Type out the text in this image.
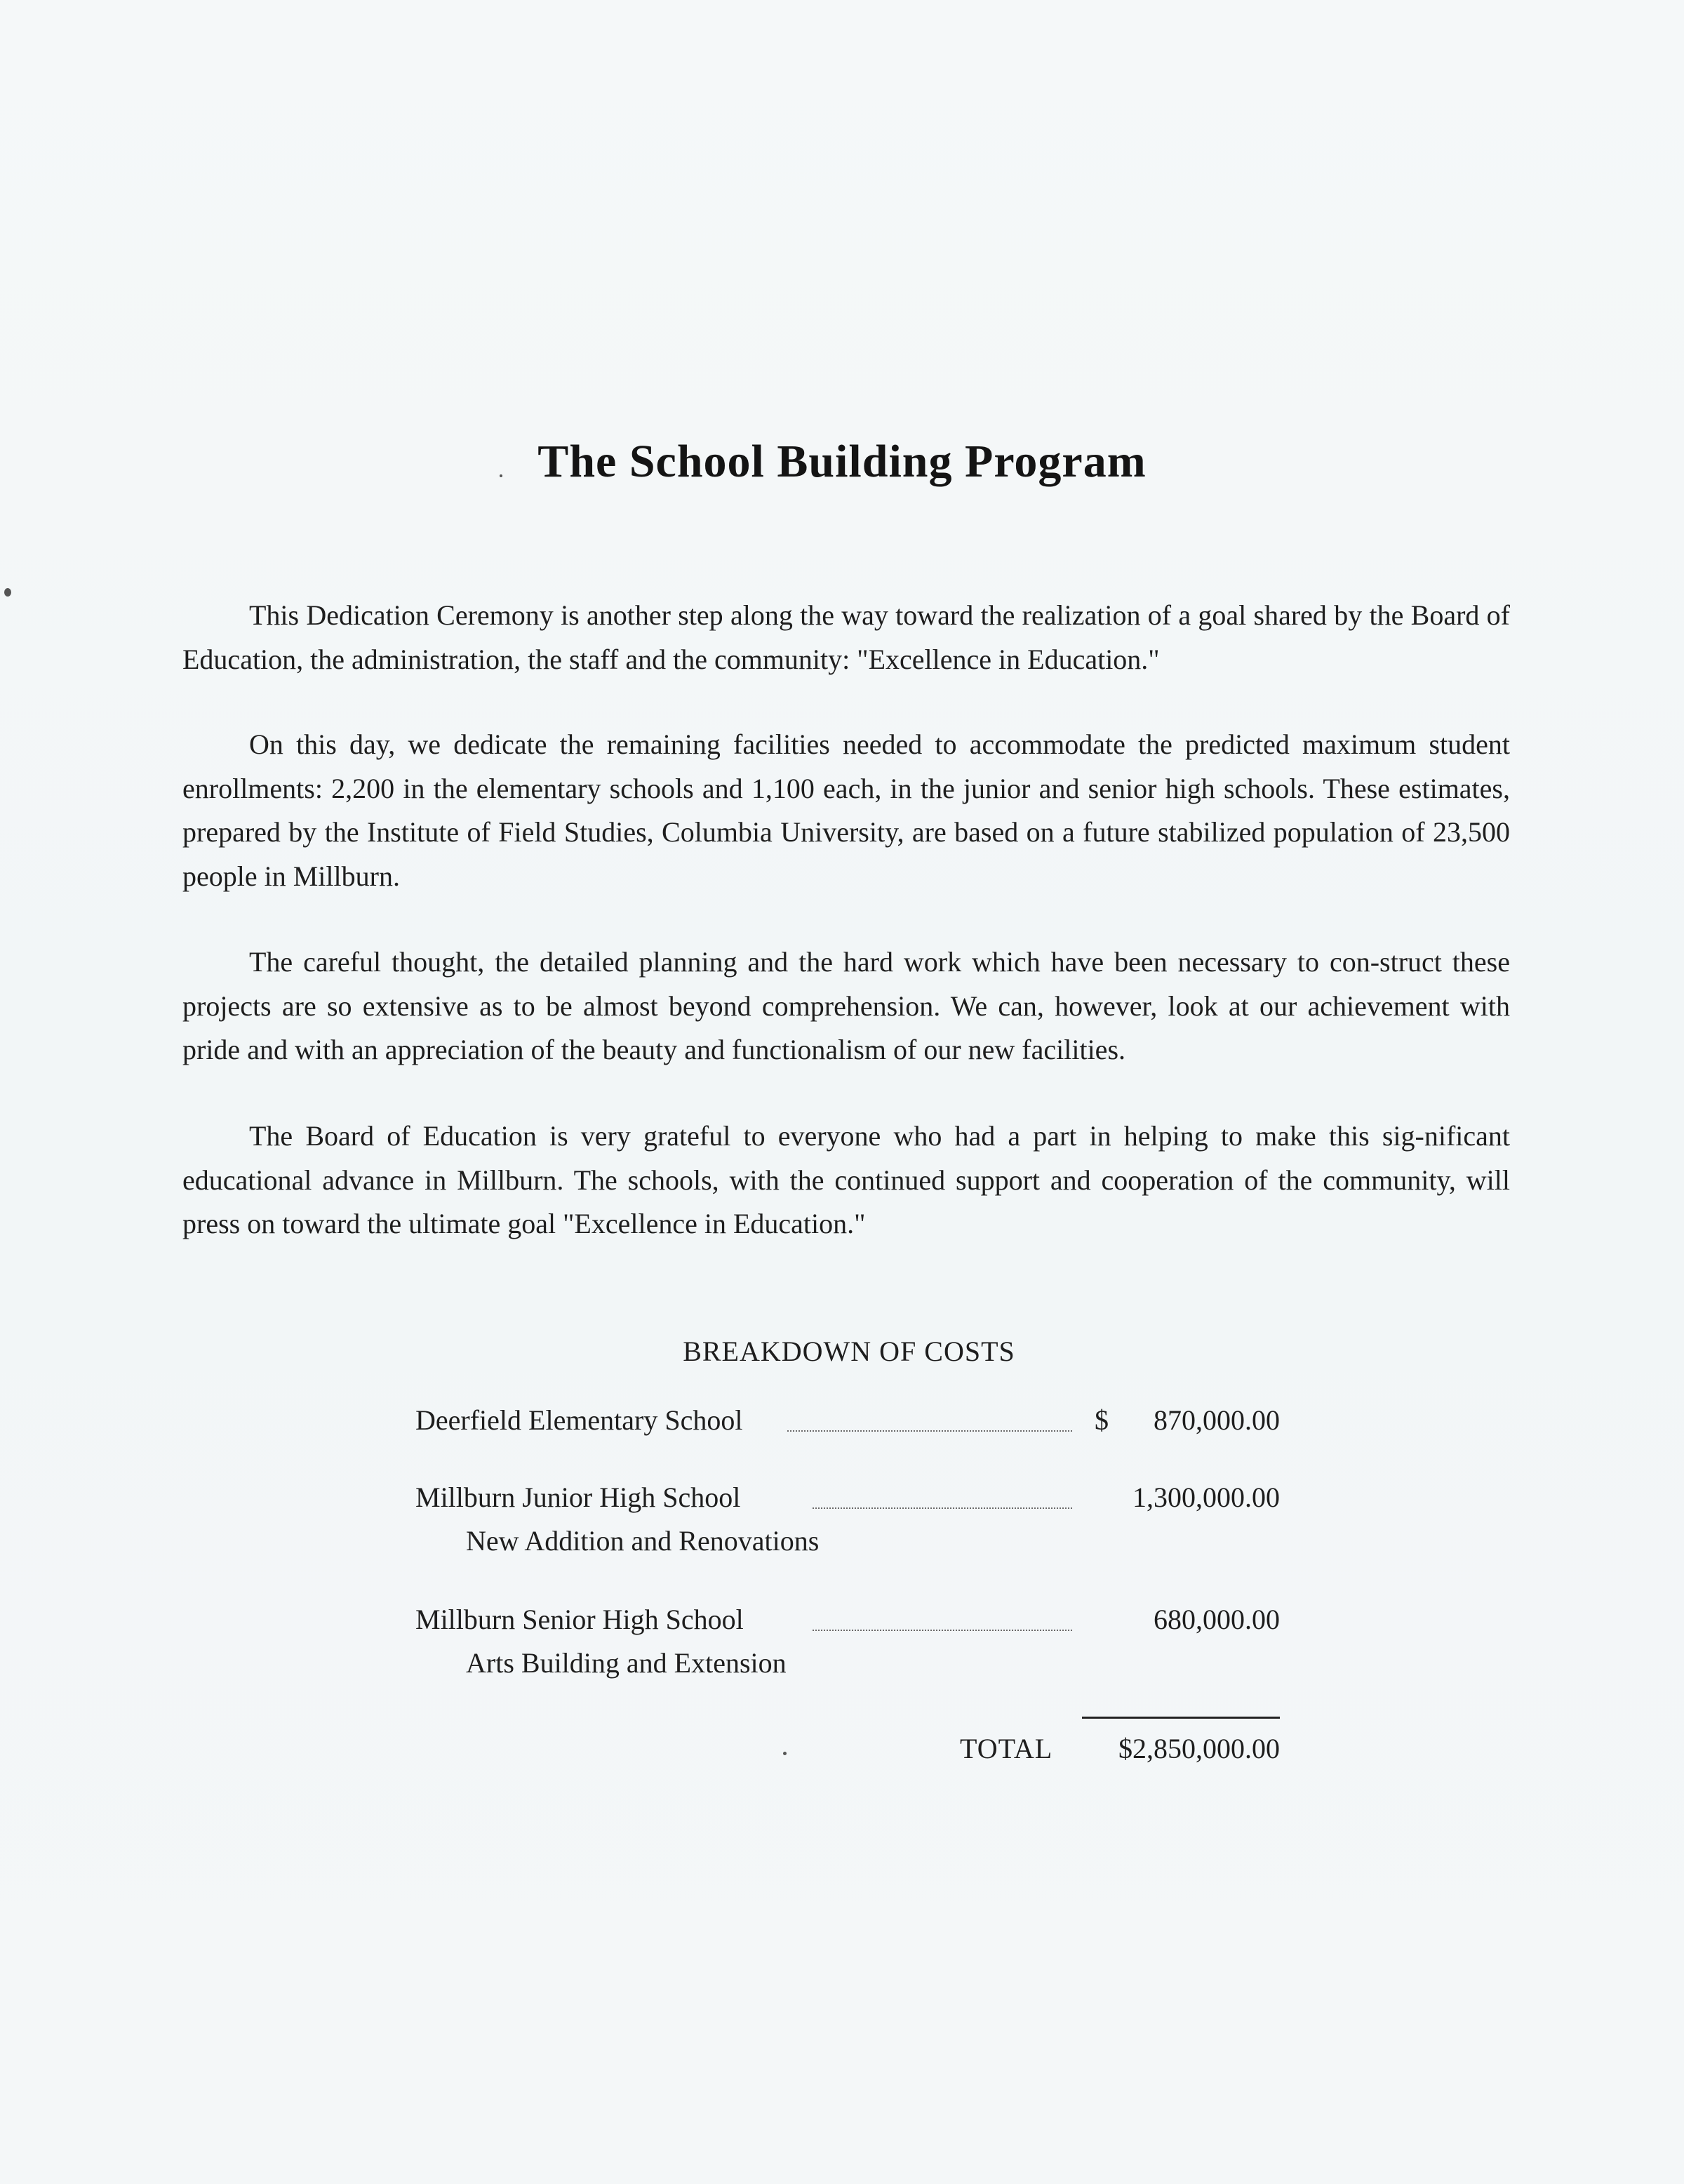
The School Building Program

This Dedication Ceremony is another step along the way toward the realization of a goal shared by the Board of Education, the administration, the staff and the community: "Excellence in Education."

On this day, we dedicate the remaining facilities needed to accommodate the predicted maximum student enrollments: 2,200 in the elementary schools and 1,100 each, in the junior and senior high schools. These estimates, prepared by the Institute of Field Studies, Columbia University, are based on a future stabilized population of 23,500 people in Millburn.

The careful thought, the detailed planning and the hard work which have been necessary to con-struct these projects are so extensive as to be almost beyond comprehension. We can, however, look at our achievement with pride and with an appreciation of the beauty and functionalism of our new facilities.

The Board of Education is very grateful to everyone who had a part in helping to make this sig-nificant educational advance in Millburn. The schools, with the continued support and cooperation of the community, will press on toward the ultimate goal "Excellence in Education."

BREAKDOWN OF COSTS
Deerfield Elementary School	$ 870,000.00
Millburn Junior High School	1,300,000.00
New Addition and Renovations
Millburn Senior High School	680,000.00
Arts Building and Extension
TOTAL $2,850,000.00
